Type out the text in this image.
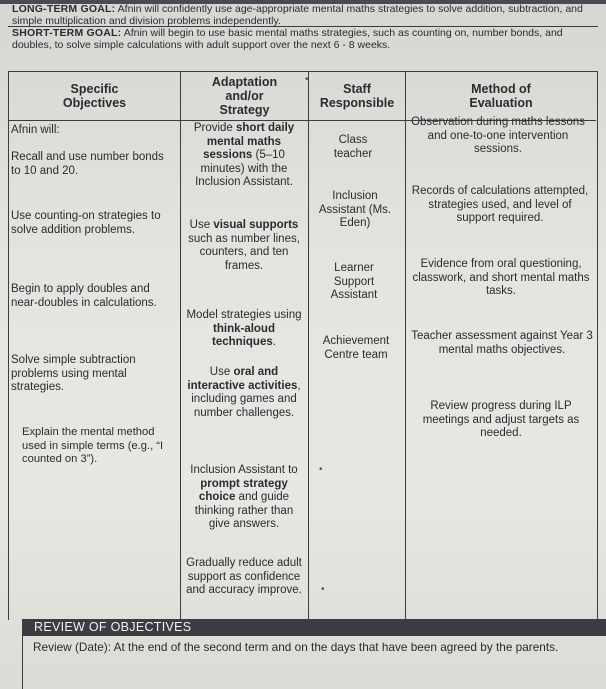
LONG-TERM GOAL: Afnin will confidently use age-appropriate mental maths strategies to solve addition, subtraction, and simple multiplication and division problems independently.
SHORT-TERM GOAL: Afnin will begin to use basic mental maths strategies, such as counting on, number bonds, and doubles, to solve simple calculations with adult support over the next 6 - 8 weeks.
Specific Objectives
Afnin will:
Recall and use number bonds to 10 and 20.
Use counting-on strategies to solve addition problems.
Begin to apply doubles and near-doubles in calculations.
Solve simple subtraction problems using mental strategies.
Explain the mental method used in simple terms (e.g., “I counted on 3”).
Adaptation and/or Strategy
Provide short daily mental maths sessions (5–10 minutes) with the Inclusion Assistant.
Use visual supports such as number lines, counters, and ten frames.
Model strategies using think-aloud techniques.
Use oral and interactive activities, including games and number challenges.
Inclusion Assistant to prompt strategy choice and guide thinking rather than give answers.
Gradually reduce adult support as confidence and accuracy improve.
Staff Responsible
•
Class teacher
Inclusion Assistant (Ms. Eden)
Learner Support Assistant
Achievement Centre team
•
•
Method of Evaluation
Observation during maths lessons and one-to-one intervention sessions.
Records of calculations attempted, strategies used, and level of support required.
Evidence from oral questioning, classwork, and short mental maths tasks.
Teacher assessment against Year 3 mental maths objectives.
Review progress during ILP meetings and adjust targets as needed.
REVIEW OF OBJECTIVES
Review (Date): At the end of the second term and on the days that have been agreed by the parents.
